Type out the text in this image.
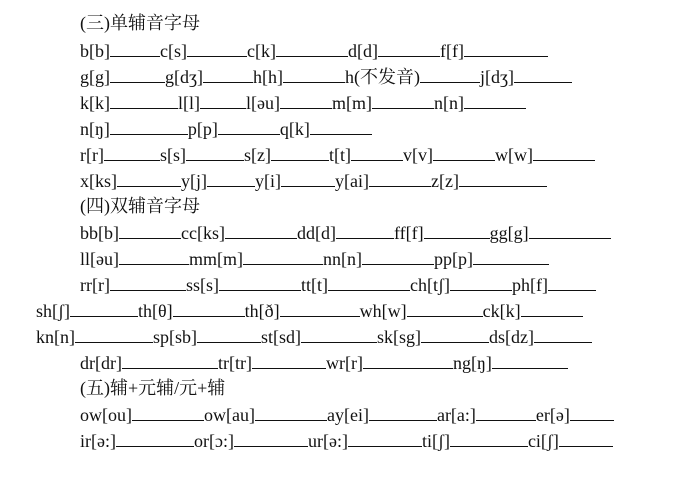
(三)单辅音字母
b[b]	c[s]	c[k]	d[d]	f[f]
g[g]	g[dʒ]	h[h]	h(不发音)	j[dʒ]
k[k]	l[l]	l[əu]	m[m]	n[n]
n[ŋ]	p[p]	q[k]
r[r]	s[s]	s[z]	t[t]	v[v]	w[w]
x[ks]	y[j]	y[i]	y[ai]	z[z]
(四)双辅音字母
bb[b]	cc[ks]	dd[d]	ff[f]	gg[g]
ll[əu]	mm[m]	nn[n]	pp[p]
rr[r]	ss[s]	tt[t]	ch[tʃ]	ph[f]
sh[ʃ]	th[θ]	th[ð]	wh[w]	ck[k]
kn[n]	sp[sb]	st[sd]	sk[sg]	ds[dz]
dr[dr]	tr[tr]	wr[r]	ng[ŋ]
(五)辅+元辅/元+辅
ow[ou]	ow[au]	ay[ei]	ar[a:]	er[ə]
ir[ə:]	or[ɔ:]	ur[ə:]	ti[ʃ]	ci[ʃ]
